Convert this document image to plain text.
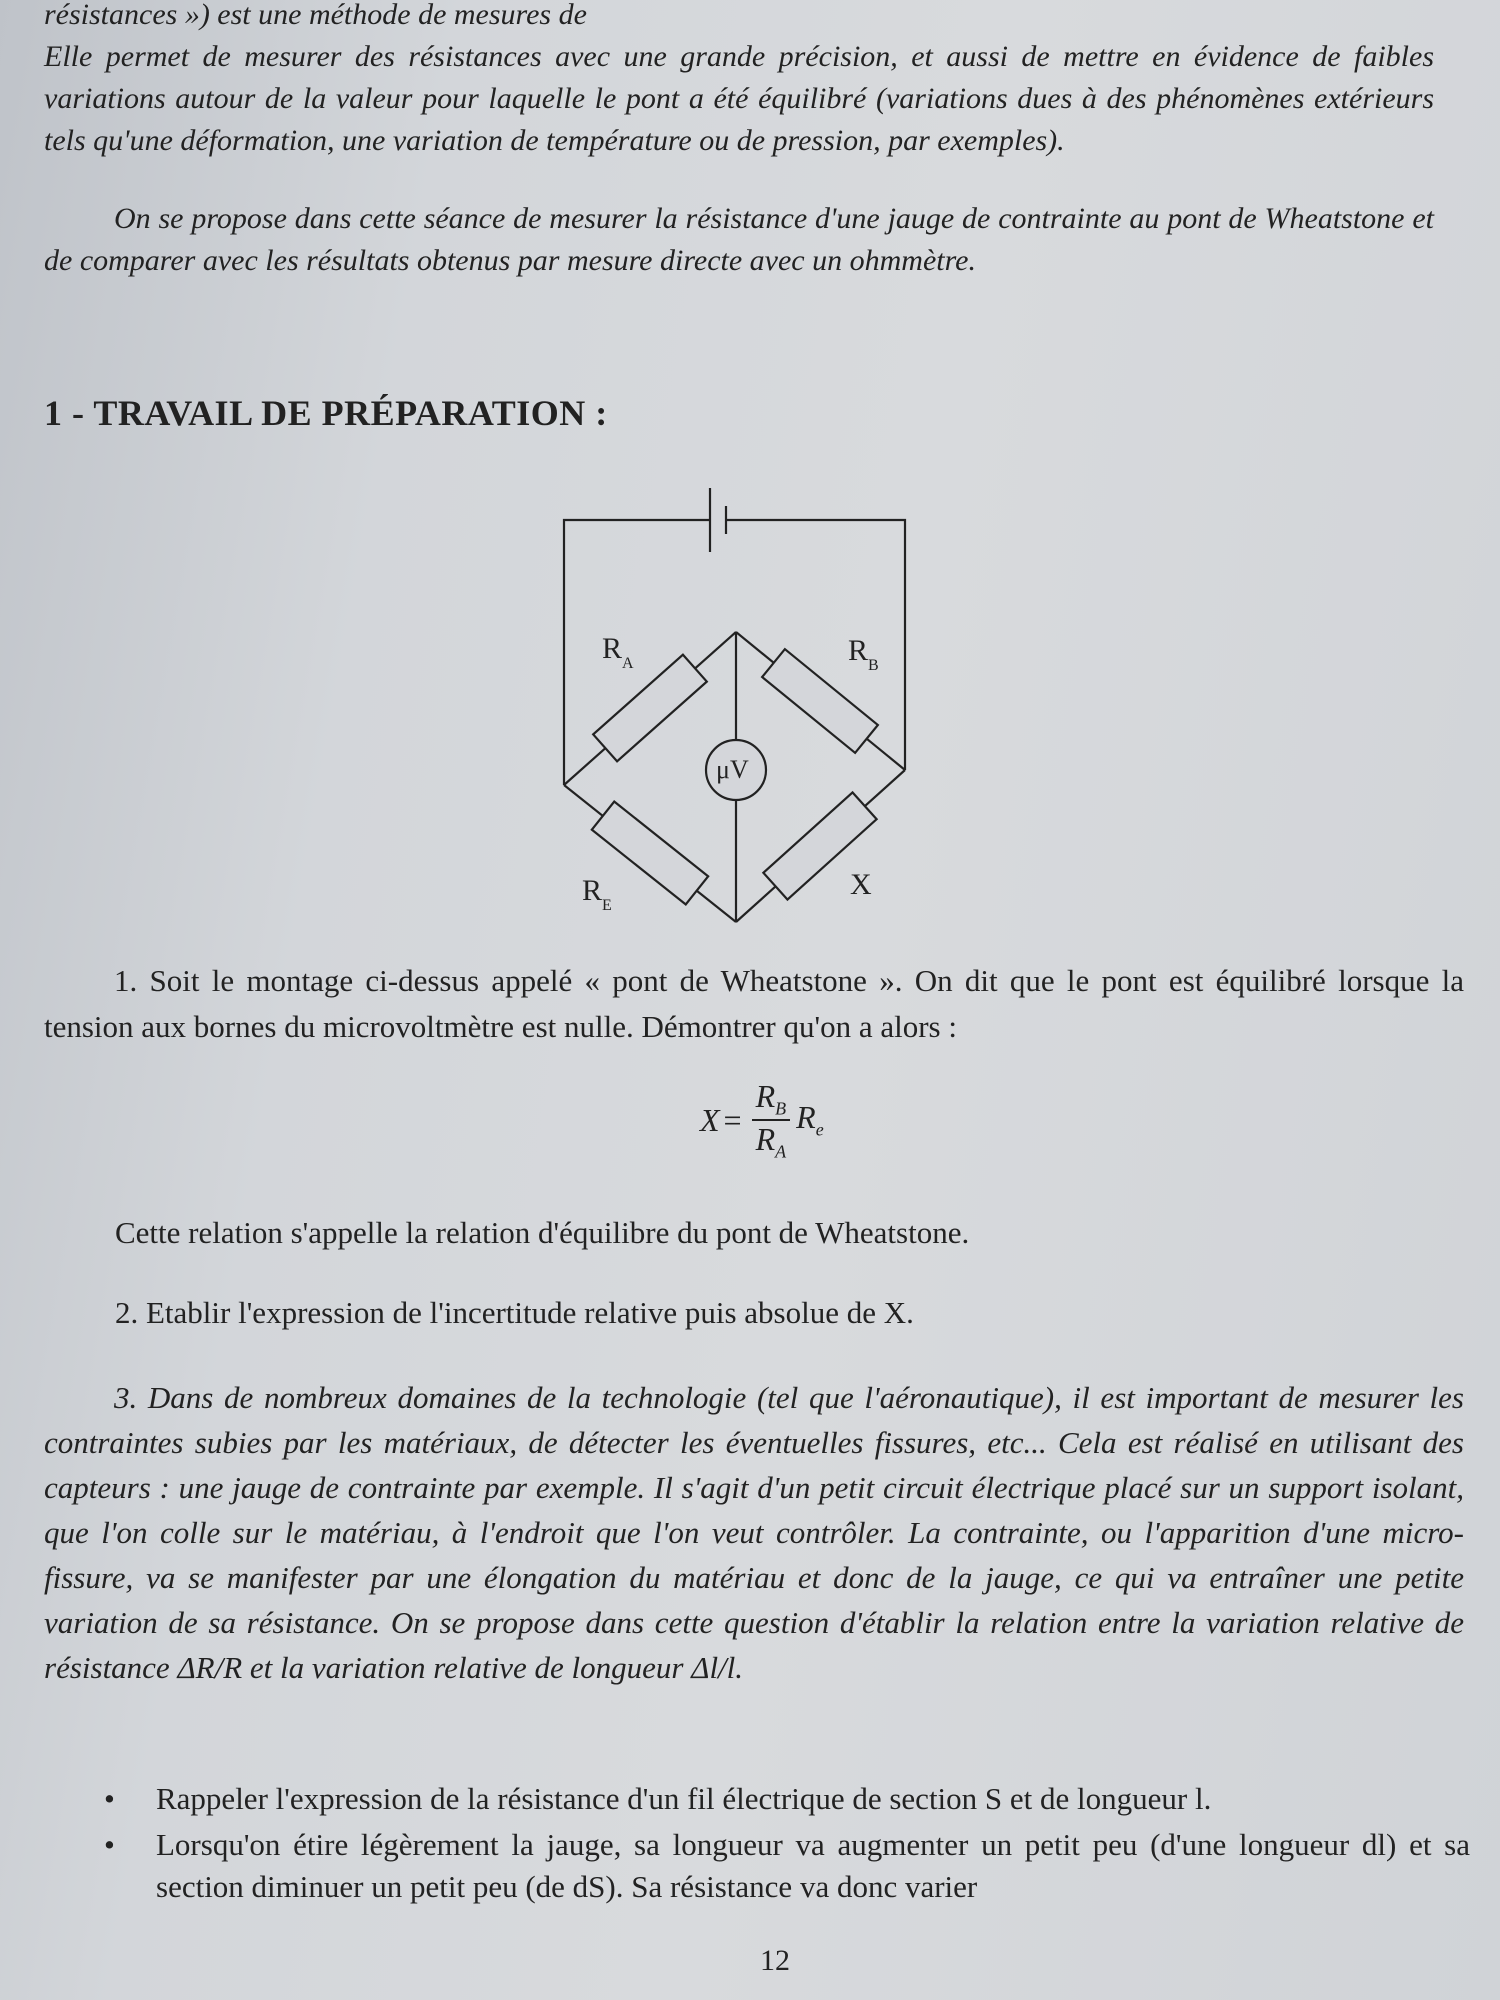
résistances ») est une méthode de mesures de
Elle permet de mesurer des résistances avec une grande précision, et aussi de mettre en évidence de faibles variations autour de la valeur pour laquelle le pont a été équilibré (variations dues à des phénomènes extérieurs tels qu'une déformation, une variation de température ou de pression, par exemples).

On se propose dans cette séance de mesurer la résistance d'une jauge de contrainte au pont de Wheatstone et de comparer avec les résultats obtenus par mesure directe avec un ohmmètre.

1 - TRAVAIL DE PRÉPARATION :
$R_A$	$R_B$
$R_E$
X
μV

1. Soit le montage ci-dessus appelé « pont de Wheatstone ». On dit que le pont est équilibré lorsque la tension aux bornes du microvoltmètre est nulle. Démontrer qu'on a alors :

$X = \frac{R_B}{R_A} R_e$

Cette relation s'appelle la relation d'équilibre du pont de Wheatstone.

2. Etablir l'expression de l'incertitude relative puis absolue de X.

3. Dans de nombreux domaines de la technologie (tel que l'aéronautique), il est important de mesurer les contraintes subies par les matériaux, de détecter les éventuelles fissures, etc... Cela est réalisé en utilisant des capteurs : une jauge de contrainte par exemple. Il s'agit d'un petit circuit électrique placé sur un support isolant, que l'on colle sur le matériau, à l'endroit que l'on veut contrôler. La contrainte, ou l'apparition d'une micro-fissure, va se manifester par une élongation du matériau et donc de la jauge, ce qui va entraîner une petite variation de sa résistance. On se propose dans cette question d'établir la relation entre la variation relative de résistance ΔR/R et la variation relative de longueur Δl/l.

• Rappeler l'expression de la résistance d'un fil électrique de section S et de longueur l.
• Lorsqu'on étire légèrement la jauge, sa longueur va augmenter un petit peu (d'une longueur dl) et sa section diminuer un petit peu (de dS). Sa résistance va donc varier
12
